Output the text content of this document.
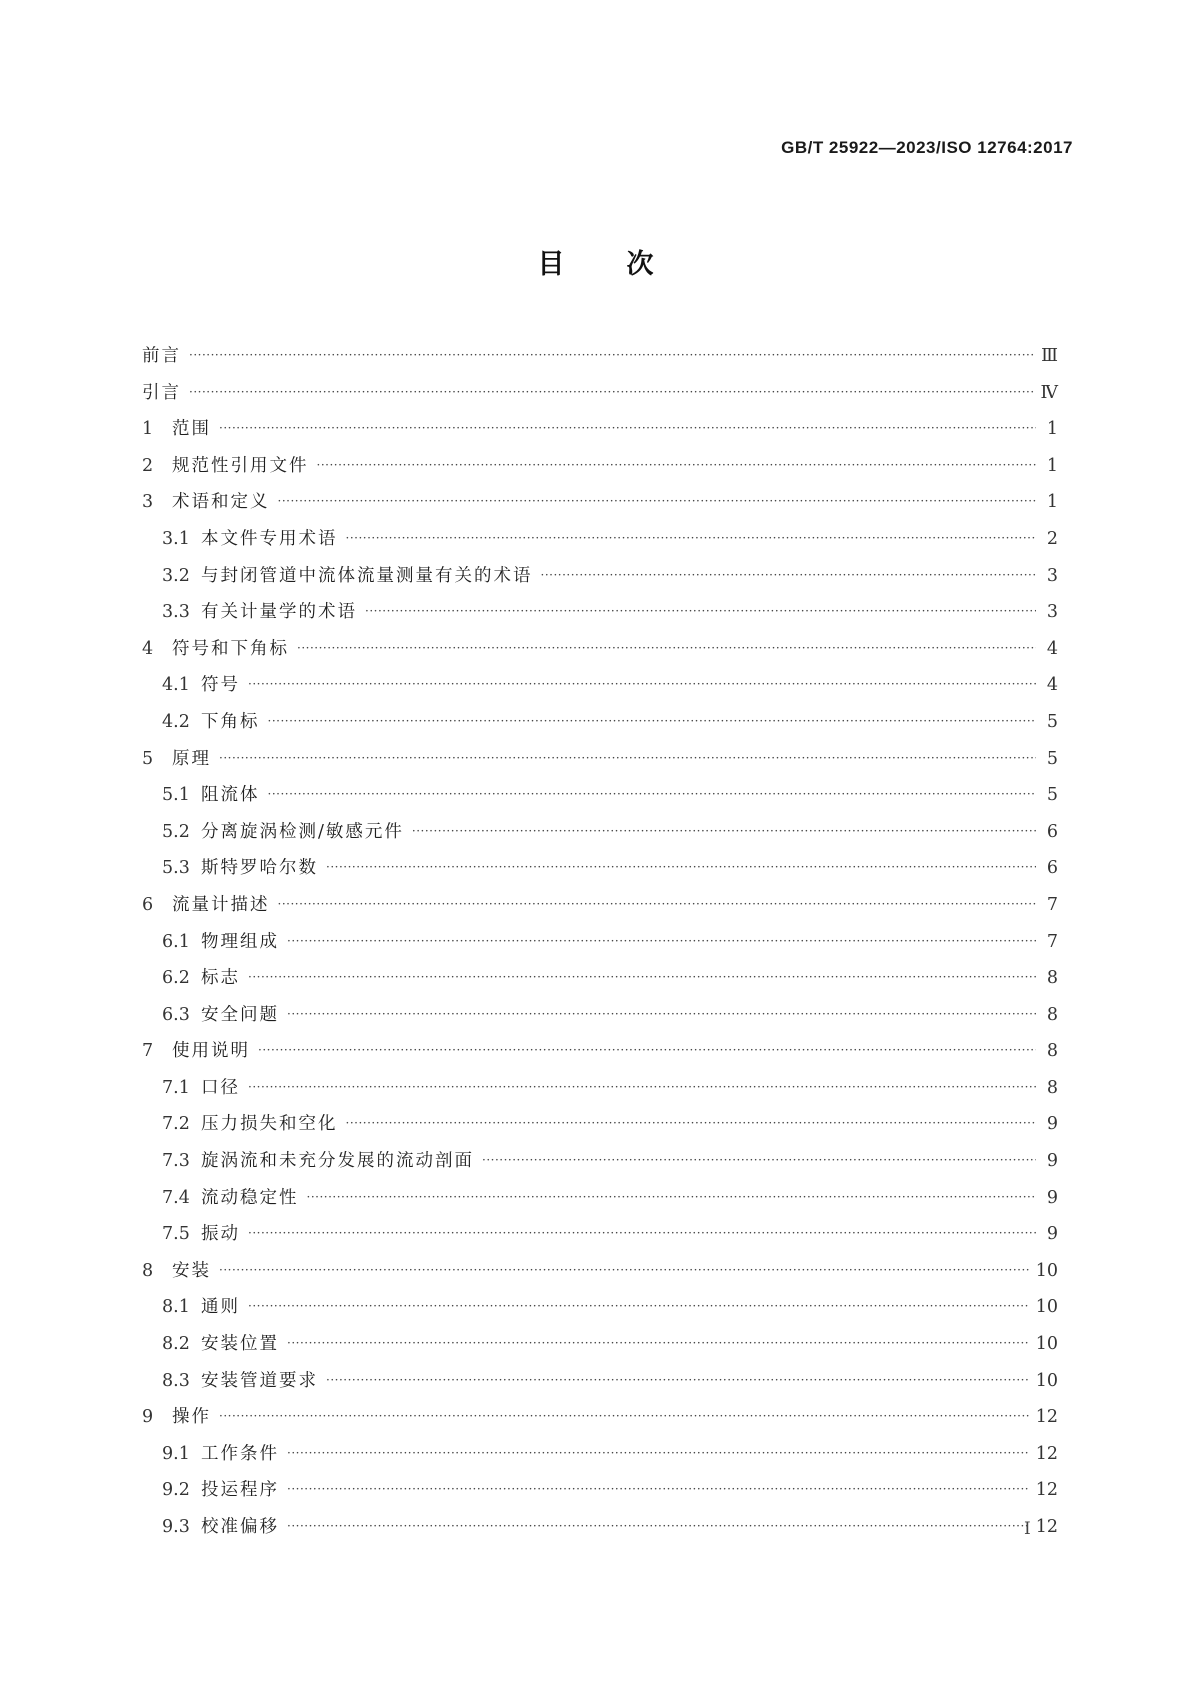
GB/T 25922—2023/ISO 12764:2017
目次
前言 ·····	Ⅲ
引言 ·····	Ⅳ
1	范围 ·····	1
2	规范性引用文件 ·····	1
3	术语和定义 ·····	1
3.1 本文件专用术语 ·····	2
3.2 与封闭管道中流体流量测量有关的术语 ·····	3
3.3 有关计量学的术语 ·····	3
4	符号和下角标 ·····	4
4.1 符号 ·····	4
4.2 下角标 ·····	5
5	原理 ·····	5
5.1 阻流体 ·····	5
5.2 分离旋涡检测/敏感元件 ·····	6
5.3 斯特罗哈尔数 ·····	6
6	流量计描述 ·····	7
6.1 物理组成 ·····	7
6.2 标志 ·····	8
6.3 安全问题 ·····	8
7	使用说明 ·····	8
7.1 口径 ·····	8
7.2 压力损失和空化 ·····	9
7.3 旋涡流和未充分发展的流动剖面 ·····	9
7.4 流动稳定性 ·····	9
7.5 振动 ·····	9
8	安装 ·····	10
8.1 通则 ·····	10
8.2 安装位置 ·····	10
8.3 安装管道要求 ·····	10
9	操作 ·····	12
9.1 工作条件 ·····	12
9.2 投运程序 ·····	12
9.3 校准偏移 ·····	12
I
